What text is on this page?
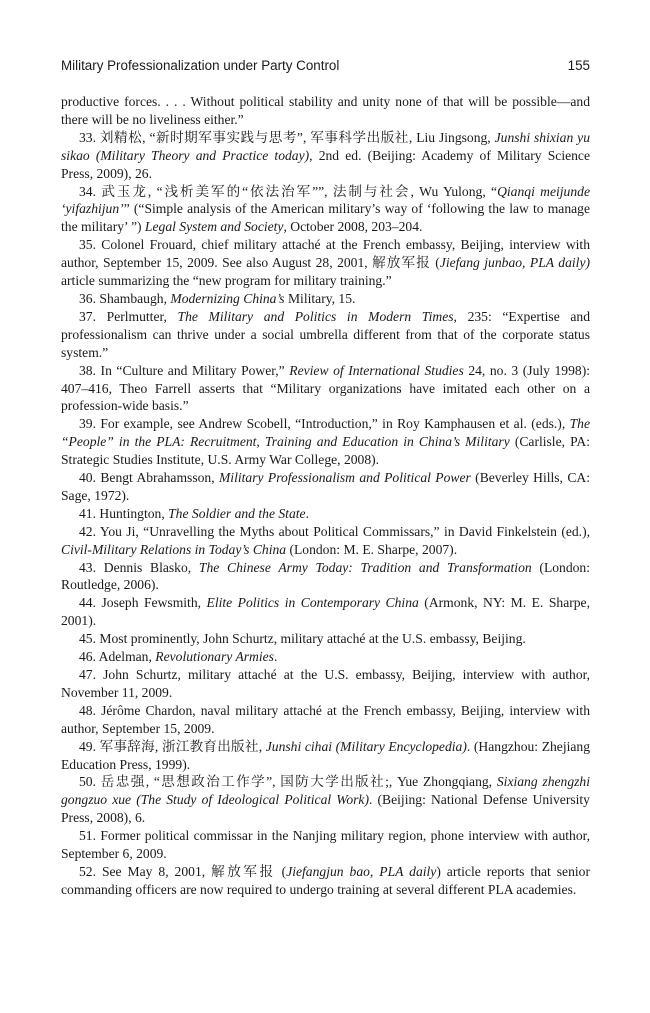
Military Professionalization under Party Control	155

productive forces. . . . Without political stability and unity none of that will be possible—and there will be no liveliness either.”

33. 刘精松, “新时期军事实践与思考”, 军事科学出版社, Liu Jingsong, Junshi shixian yu sikao (Military Theory and Practice today), 2nd ed. (Beijing: Academy of Military Science Press, 2009), 26.

34. 武玉龙, “浅析美军的“依法治军””, 法制与社会, Wu Yulong, “Qianqi meijunde ‘yifazhijun’” (“Simple analysis of the American military’s way of ‘following the law to manage the military’ ”) Legal System and Society, October 2008, 203–204.

35. Colonel Frouard, chief military attaché at the French embassy, Beijing, interview with author, September 15, 2009. See also August 28, 2001, 解放军报 (Jiefang junbao, PLA daily) article summarizing the “new program for military training.”

36. Shambaugh, Modernizing China’s Military, 15.

37. Perlmutter, The Military and Politics in Modern Times, 235: “Expertise and professionalism can thrive under a social umbrella different from that of the corporate status system.”

38. In “Culture and Military Power,” Review of International Studies 24, no. 3 (July 1998): 407–416, Theo Farrell asserts that “Military organizations have imitated each other on a profession-wide basis.”

39. For example, see Andrew Scobell, “Introduction,” in Roy Kamphausen et al. (eds.), The “People” in the PLA: Recruitment, Training and Education in China’s Military (Carlisle, PA: Strategic Studies Institute, U.S. Army War College, 2008).

40. Bengt Abrahamsson, Military Professionalism and Political Power (Beverley Hills, CA: Sage, 1972).

41. Huntington, The Soldier and the State.

42. You Ji, “Unravelling the Myths about Political Commissars,” in David Finkelstein (ed.), Civil-Military Relations in Today’s China (London: M. E. Sharpe, 2007).

43. Dennis Blasko, The Chinese Army Today: Tradition and Transformation (London: Routledge, 2006).

44. Joseph Fewsmith, Elite Politics in Contemporary China (Armonk, NY: M. E. Sharpe, 2001).

45. Most prominently, John Schurtz, military attaché at the U.S. embassy, Beijing.

46. Adelman, Revolutionary Armies.

47. John Schurtz, military attaché at the U.S. embassy, Beijing, interview with author, November 11, 2009.

48. Jérôme Chardon, naval military attaché at the French embassy, Beijing, interview with author, September 15, 2009.

49. 军事辞海, 浙江教育出版社, Junshi cihai (Military Encyclopedia). (Hangzhou: Zhejiang Education Press, 1999).

50. 岳忠强, “思想政治工作学”, 国防大学出版社;, Yue Zhongqiang, Sixiang zhengzhi gongzuo xue (The Study of Ideological Political Work). (Beijing: National Defense University Press, 2008), 6.

51. Former political commissar in the Nanjing military region, phone interview with author, September 6, 2009.

52. See May 8, 2001, 解放军报 (Jiefangjun bao, PLA daily) article reports that senior commanding officers are now required to undergo training at several different PLA academies.
